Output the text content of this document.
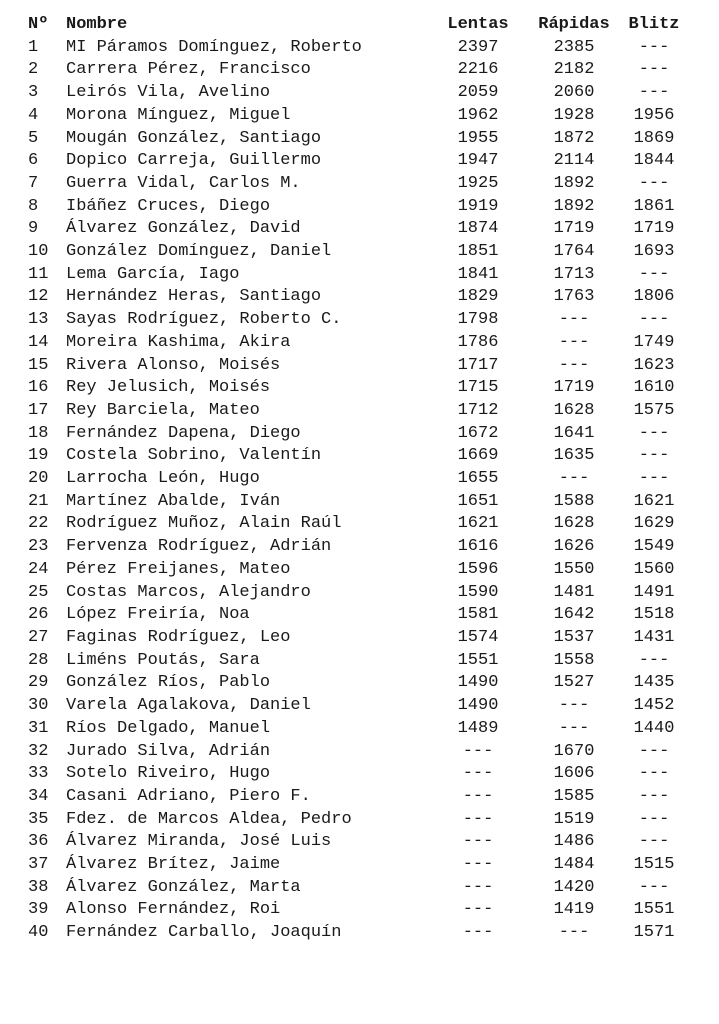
Nº	Nombre	Lentas	Rápidas	Blitz
1	MI Páramos Domínguez, Roberto	2397	2385	---
2	Carrera Pérez, Francisco	2216	2182	---
3	Leirós Vila, Avelino	2059	2060	---
4	Morona Mínguez, Miguel	1962	1928	1956
5	Mougán González, Santiago	1955	1872	1869
6	Dopico Carreja, Guillermo	1947	2114	1844
7	Guerra Vidal, Carlos M.	1925	1892	---
8	Ibáñez Cruces, Diego	1919	1892	1861
9	Álvarez González, David	1874	1719	1719
10	González Domínguez, Daniel	1851	1764	1693
11	Lema García, Iago	1841	1713	---
12	Hernández Heras, Santiago	1829	1763	1806
13	Sayas Rodríguez, Roberto C.	1798	---	---
14	Moreira Kashima, Akira	1786	---	1749
15	Rivera Alonso, Moisés	1717	---	1623
16	Rey Jelusich, Moisés	1715	1719	1610
17	Rey Barciela, Mateo	1712	1628	1575
18	Fernández Dapena, Diego	1672	1641	---
19	Costela Sobrino, Valentín	1669	1635	---
20	Larrocha León, Hugo	1655	---	---
21	Martínez Abalde, Iván	1651	1588	1621
22	Rodríguez Muñoz, Alain Raúl	1621	1628	1629
23	Fervenza Rodríguez, Adrián	1616	1626	1549
24	Pérez Freijanes, Mateo	1596	1550	1560
25	Costas Marcos, Alejandro	1590	1481	1491
26	López Freiría, Noa	1581	1642	1518
27	Faginas Rodríguez, Leo	1574	1537	1431
28	Liméns Poutás, Sara	1551	1558	---
29	González Ríos, Pablo	1490	1527	1435
30	Varela Agalakova, Daniel	1490	---	1452
31	Ríos Delgado, Manuel	1489	---	1440
32	Jurado Silva, Adrián	---	1670	---
33	Sotelo Riveiro, Hugo	---	1606	---
34	Casani Adriano, Piero F.	---	1585	---
35	Fdez. de Marcos Aldea, Pedro	---	1519	---
36	Álvarez Miranda, José Luis	---	1486	---
37	Álvarez Brítez, Jaime	---	1484	1515
38	Álvarez González, Marta	---	1420	---
39	Alonso Fernández, Roi	---	1419	1551
40	Fernández Carballo, Joaquín	---	---	1571
